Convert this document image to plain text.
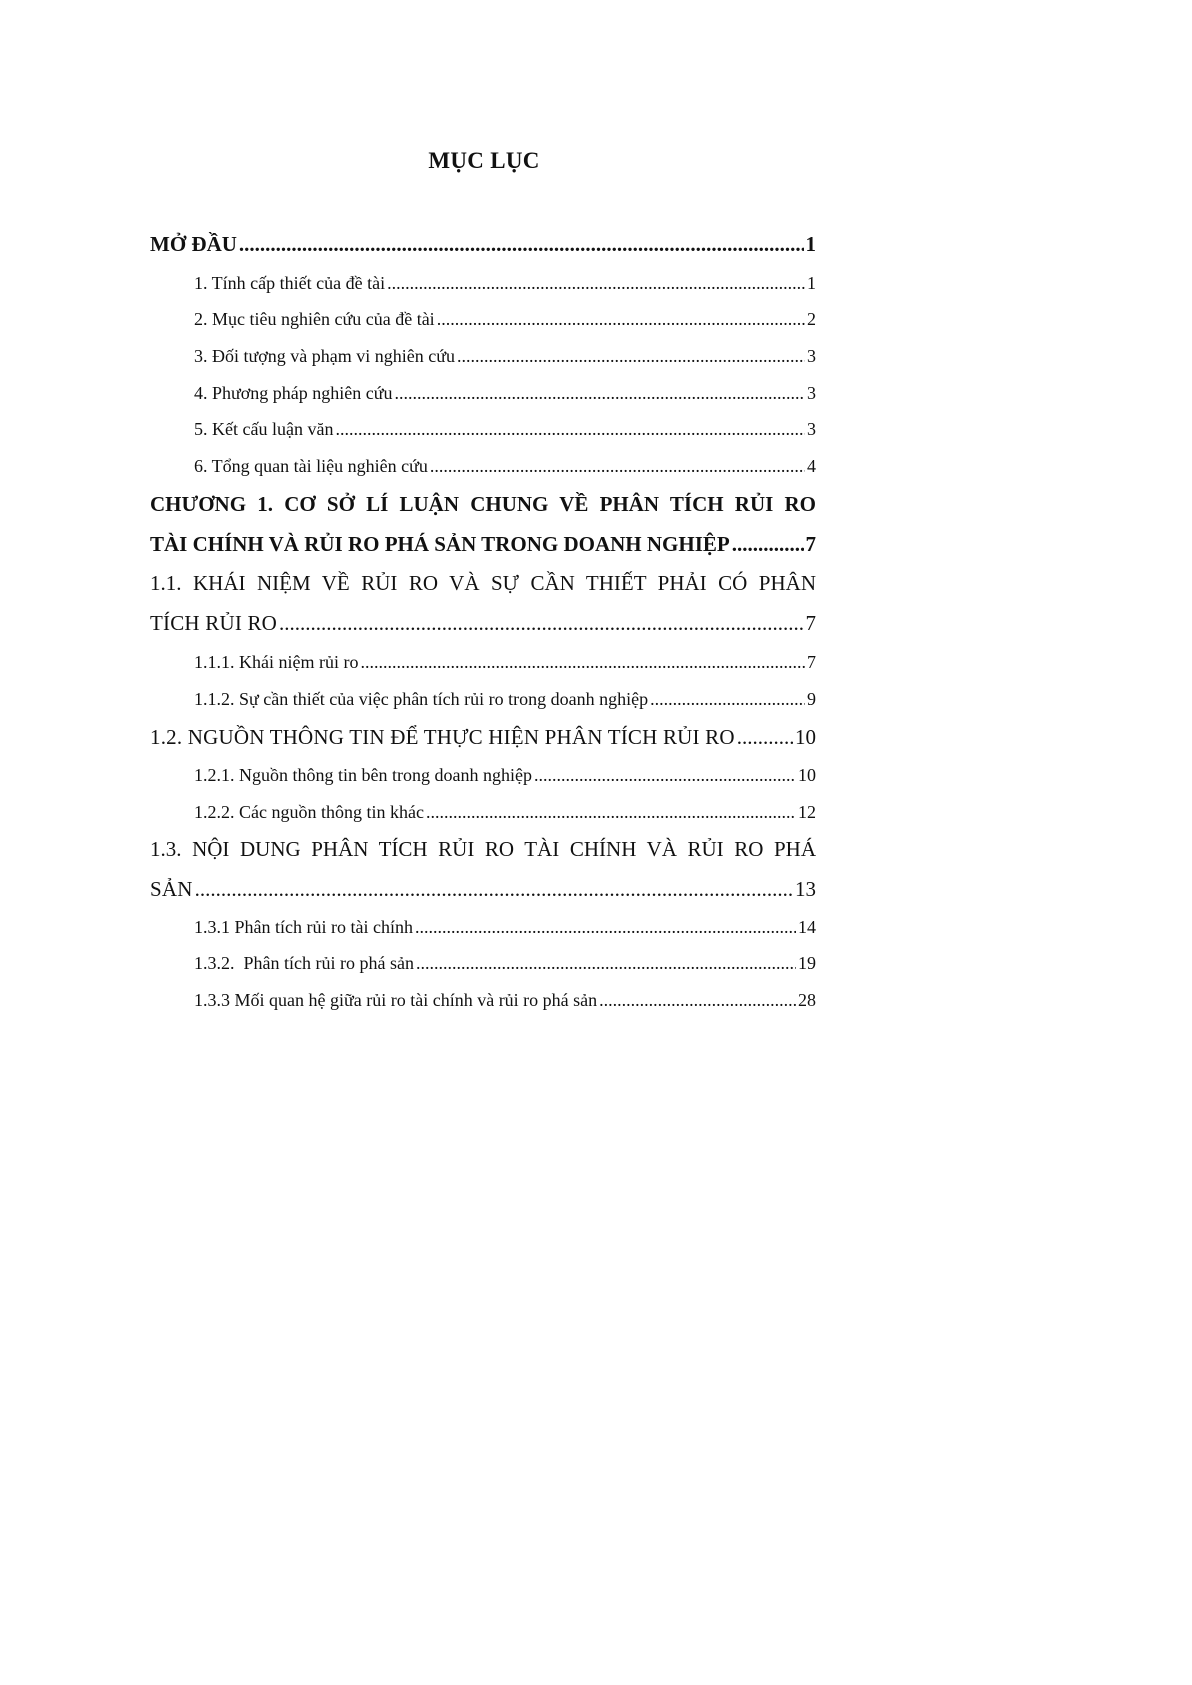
MỤC LỤC
MỞ ĐẦU .....	1
1. Tính cấp thiết của đề tài .....	1
2. Mục tiêu nghiên cứu của đề tài .....	2
3. Đối tượng và phạm vi nghiên cứu .....	3
4. Phương pháp nghiên cứu .....	3
5. Kết cấu luận văn .....	3
6. Tổng quan tài liệu nghiên cứu .....	4
CHƯƠNG 1. CƠ SỞ LÍ LUẬN CHUNG VỀ PHÂN TÍCH RỦI RO
TÀI CHÍNH VÀ RỦI RO PHÁ SẢN TRONG DOANH NGHIỆP .....	7
1.1. KHÁI NIỆM VỀ RỦI RO VÀ SỰ CẦN THIẾT PHẢI CÓ PHÂN
TÍCH RỦI RO .....	7
1.1.1. Khái niệm rủi ro .....	7
1.1.2. Sự cần thiết của việc phân tích rủi ro trong doanh nghiệp .....	9
1.2. NGUỒN THÔNG TIN ĐỂ THỰC HIỆN PHÂN TÍCH RỦI RO .....	10
1.2.1. Nguồn thông tin bên trong doanh nghiệp .....	10
1.2.2. Các nguồn thông tin khác .....	12
1.3. NỘI DUNG PHÂN TÍCH RỦI RO TÀI CHÍNH VÀ RỦI RO PHÁ
SẢN .....	13
1.3.1 Phân tích rủi ro tài chính .....	14
1.3.2.  Phân tích rủi ro phá sản .....	19
1.3.3 Mối quan hệ giữa rủi ro tài chính và rủi ro phá sản .....	28
